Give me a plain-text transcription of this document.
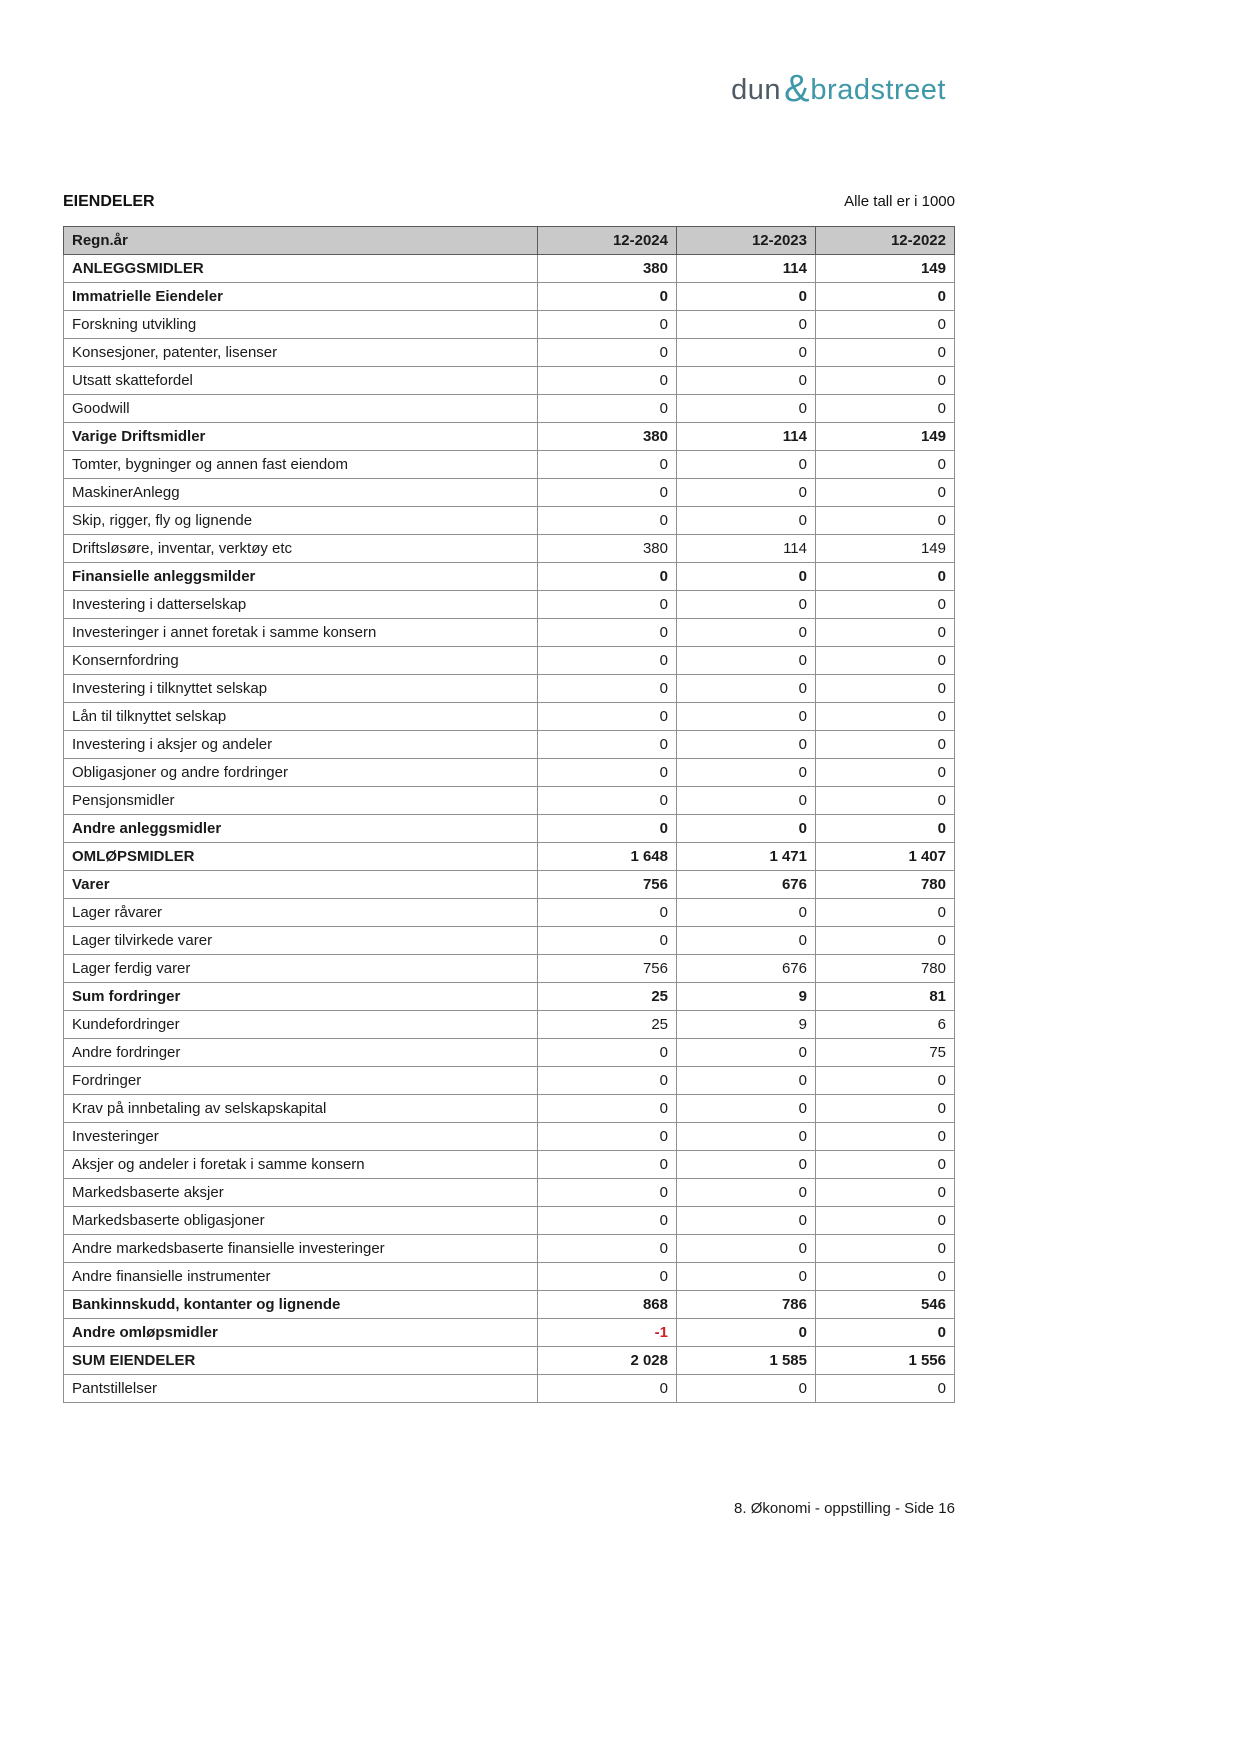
dun & bradstreet
EIENDELER	Alle tall er i 1000
Regn.år	12-2024	12-2023	12-2022
ANLEGGSMIDLER	380	114	149
Immatrielle Eiendeler	0	0	0
Forskning utvikling	0	0	0
Konsesjoner, patenter, lisenser	0	0	0
Utsatt skattefordel	0	0	0
Goodwill	0	0	0
Varige Driftsmidler	380	114	149
Tomter, bygninger og annen fast eiendom	0	0	0
MaskinerAnlegg	0	0	0
Skip, rigger, fly og lignende	0	0	0
Driftsløsøre, inventar, verktøy etc	380	114	149
Finansielle anleggsmilder	0	0	0
Investering i datterselskap	0	0	0
Investeringer i annet foretak i samme konsern	0	0	0
Konsernfordring	0	0	0
Investering i tilknyttet selskap	0	0	0
Lån til tilknyttet selskap	0	0	0
Investering i aksjer og andeler	0	0	0
Obligasjoner og andre fordringer	0	0	0
Pensjonsmidler	0	0	0
Andre anleggsmidler	0	0	0
OMLØPSMIDLER	1 648	1 471	1 407
Varer	756	676	780
Lager råvarer	0	0	0
Lager tilvirkede varer	0	0	0
Lager ferdig varer	756	676	780
Sum fordringer	25	9	81
Kundefordringer	25	9	6
Andre fordringer	0	0	75
Fordringer	0	0	0
Krav på innbetaling av selskapskapital	0	0	0
Investeringer	0	0	0
Aksjer og andeler i foretak i samme konsern	0	0	0
Markedsbaserte aksjer	0	0	0
Markedsbaserte obligasjoner	0	0	0
Andre markedsbaserte finansielle investeringer	0	0	0
Andre finansielle instrumenter	0	0	0
Bankinnskudd, kontanter og lignende	868	786	546
Andre omløpsmidler	-1	0	0
SUM EIENDELER	2 028	1 585	1 556
Pantstillelser	0	0	0
8. Økonomi - oppstilling - Side 16
